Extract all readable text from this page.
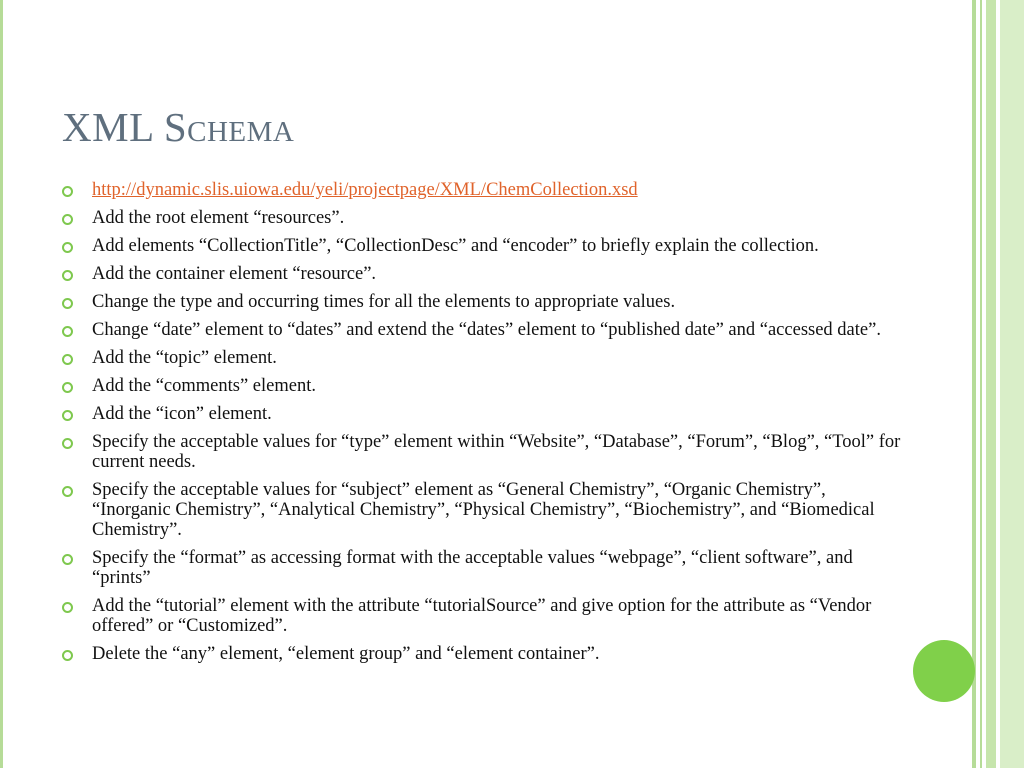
XML Schema
http://dynamic.slis.uiowa.edu/yeli/projectpage/XML/ChemCollection.xsd
Add the root element “resources”.
Add elements “CollectionTitle”, “CollectionDesc” and “encoder” to briefly explain the collection.
Add the container element “resource”.
Change the type and occurring times for all the elements to appropriate values.
Change “date” element to “dates” and extend the “dates” element to “published date” and “accessed date”.
Add the “topic” element.
Add the “comments” element.
Add the “icon” element.
Specify the acceptable values for “type” element within “Website”, “Database”, “Forum”, “Blog”, “Tool” for current needs.
Specify the acceptable values for “subject” element as “General Chemistry”, “Organic Chemistry”, “Inorganic Chemistry”, “Analytical Chemistry”, “Physical Chemistry”, “Biochemistry”, and “Biomedical Chemistry”.
Specify the “format” as accessing format with the acceptable values “webpage”, “client software”, and “prints”
Add the “tutorial” element with the attribute “tutorialSource” and give option for the attribute as “Vendor offered” or “Customized”.
Delete the “any” element, “element group” and “element container”.
